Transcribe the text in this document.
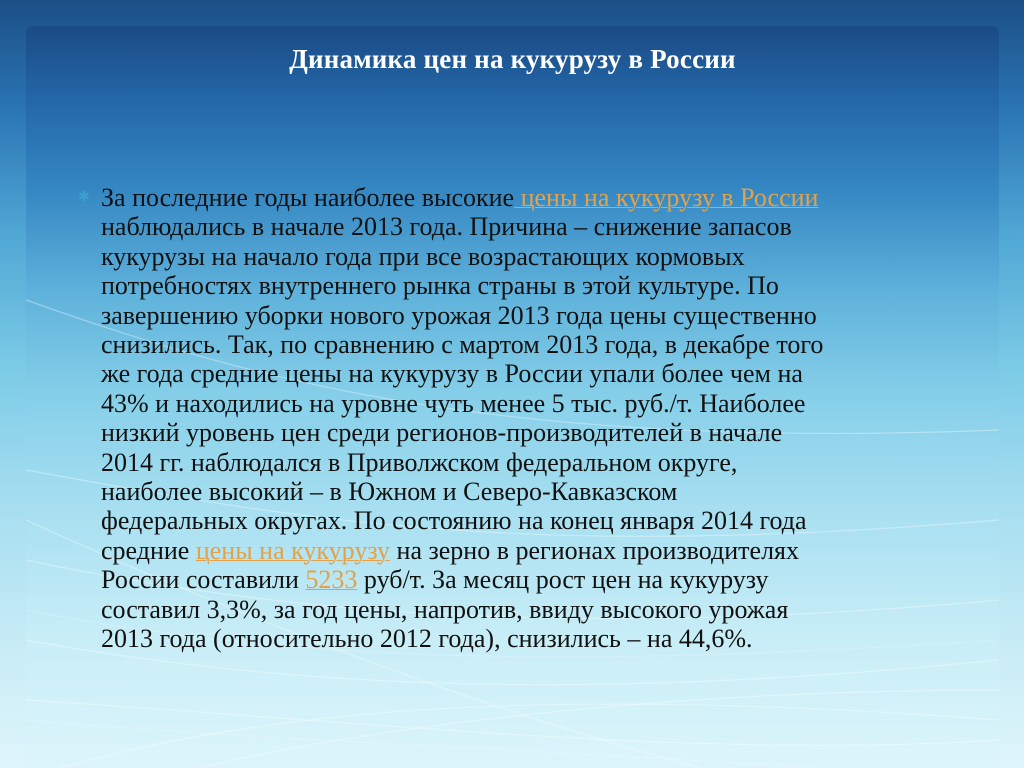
Динамика цен на кукурузу в России
✱ За последние годы наиболее высокие цены на кукурузу в России
наблюдались в начале 2013 года. Причина – снижение запасов
кукурузы на начало года при все возрастающих кормовых
потребностях внутреннего рынка страны в этой культуре. По
завершению уборки нового урожая 2013 года цены существенно
снизились. Так, по сравнению с мартом 2013 года, в декабре того
же года средние цены на кукурузу в России упали более чем на
43% и находились на уровне чуть менее 5 тыс. руб./т. Наиболее
низкий уровень цен среди регионов-производителей в начале
2014 гг. наблюдался в Приволжском федеральном округе,
наиболее высокий – в Южном и Северо-Кавказском
федеральных округах. По состоянию на конец января 2014 года
средние цены на кукурузу на зерно в регионах производителях
России составили 5233 руб/т. За месяц рост цен на кукурузу
составил 3,3%, за год цены, напротив, ввиду высокого урожая
2013 года (относительно 2012 года), снизились – на 44,6%.
